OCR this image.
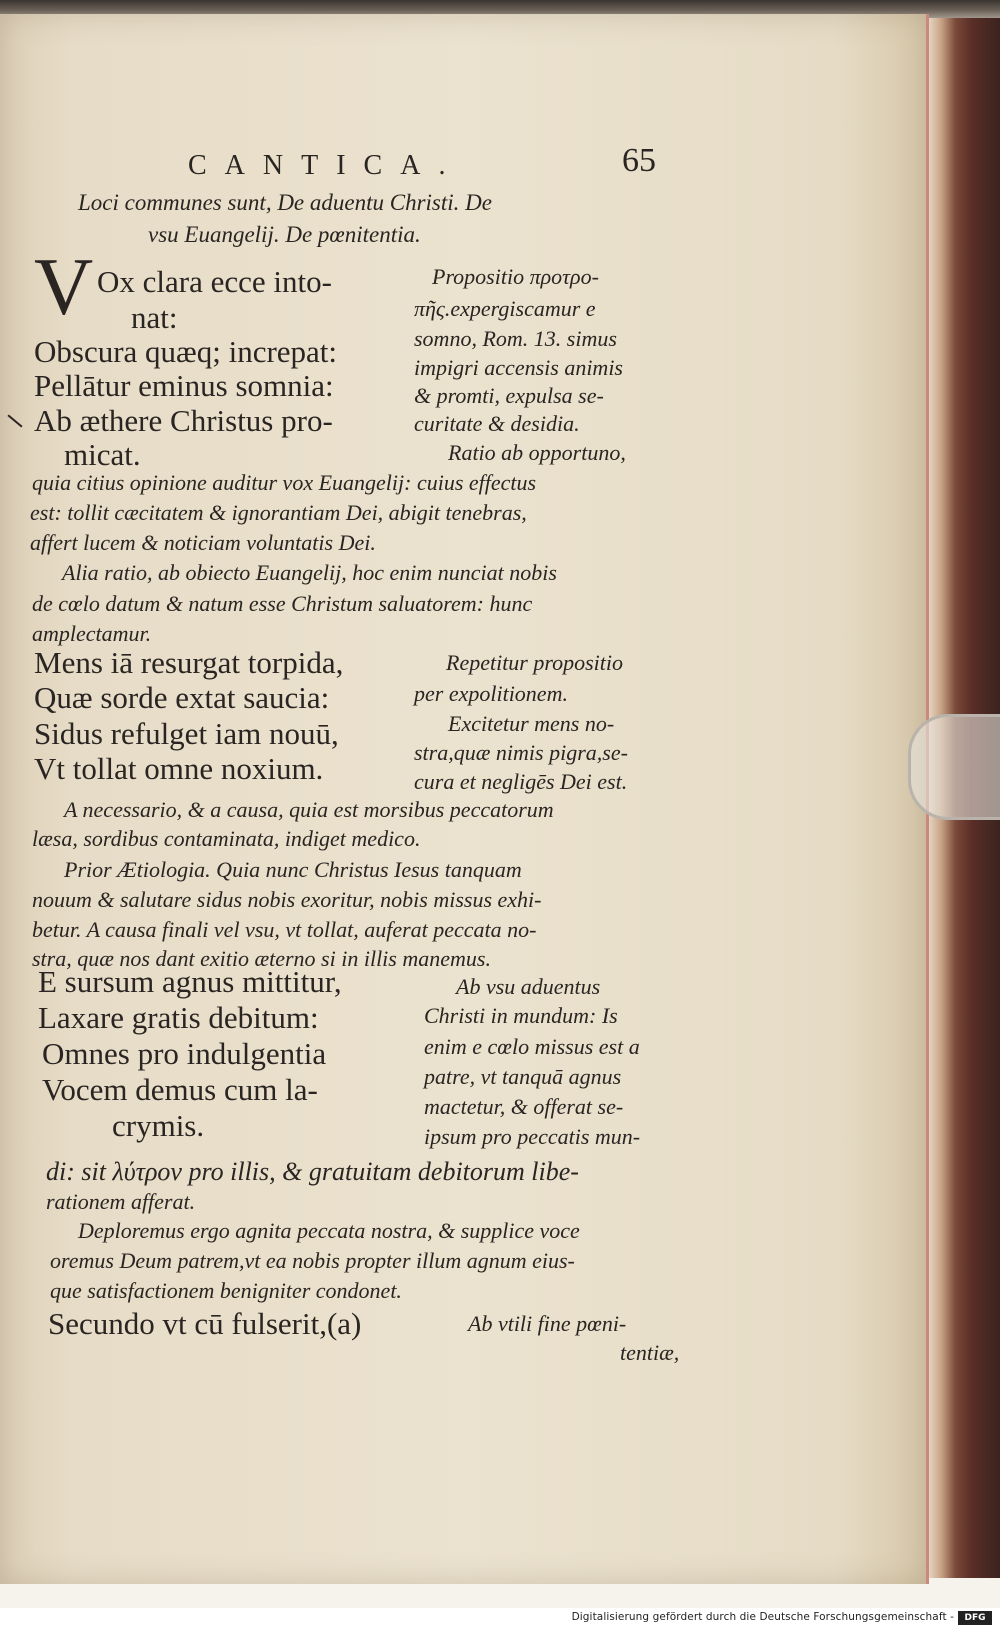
CANTICA.	65
Loci communes sunt, De aduentu Christi. De
vsu Euangelij. De pœnitentia.
V Ox clara ecce into-
nat:
Obscura quæq; increpat:
Pellātur eminus somnia:
Ab æthere Christus pro-
micat.
Propositio προτρο-
πῆς.expergiscamur e
somno, Rom. 13. simus
impigri accensis animis
& promti, expulsa se-
curitate & desidia.
Ratio ab opportuno,
quia citius opinione auditur vox Euangelij: cuius effectus
est: tollit cæcitatem & ignorantiam Dei, abigit tenebras,
affert lucem & noticiam voluntatis Dei.
Alia ratio, ab obiecto Euangelij, hoc enim nunciat nobis
de cœlo datum & natum esse Christum saluatorem: hunc
amplectamur.
Mens iā resurgat torpida,
Quæ sorde extat saucia:
Sidus refulget iam nouū,
Vt tollat omne noxium.
Repetitur propositio
per expolitionem.
Excitetur mens no-
stra,quæ nimis pigra,se-
cura et negligēs Dei est.
A necessario, & a causa, quia est morsibus peccatorum
læsa, sordibus contaminata, indiget medico.
Prior Ætiologia. Quia nunc Christus Iesus tanquam
nouum & salutare sidus nobis exoritur, nobis missus exhi-
betur. A causa finali vel vsu, vt tollat, auferat peccata no-
stra, quæ nos dant exitio æterno si in illis manemus.
E sursum agnus mittitur,
Laxare gratis debitum:
Omnes pro indulgentia
Vocem demus cum la-
crymis.
Ab vsu aduentus
Christi in mundum: Is
enim e cœlo missus est a
patre, vt tanquā agnus
mactetur, & offerat se-
ipsum pro peccatis mun-
di: sit λύτρον pro illis, & gratuitam debitorum libe-
rationem afferat.
Deploremus ergo agnita peccata nostra, & supplice voce
oremus Deum patrem,vt ea nobis propter illum agnum eius-
que satisfactionem benigniter condonet.
Secundo vt cū fulserit,(a)	Ab vtili fine pœni-
tentiæ,
Digitalisierung gefördert durch die Deutsche Forschungsgemeinschaft -	DFG
